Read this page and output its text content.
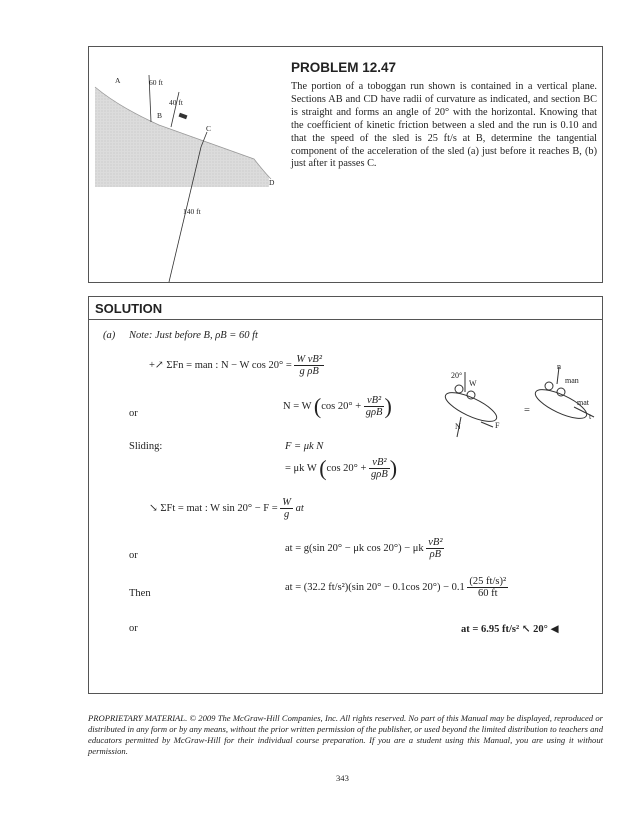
A
B
C
D
60 ft
40 ft
140 ft
PROBLEM 12.47
The portion of a toboggan run shown is contained in a vertical plane. Sections AB and CD have radii of curvature as indicated, and section BC is straight and forms an angle of 20° with the horizontal. Knowing that the coefficient of kinetic friction between a sled and the run is 0.10 and that the speed of the sled is 25 ft/s at B, determine the tangential component of the acceleration of the sled (a) just before it reaches B, (b) just after it passes C.
SOLUTION
(a) Note: Just before B, ρB = 60 ft
+↗ ΣFn = man : N − W $\cos 20^\circ = \frac{\text{W vB²}}{\text{g ρB}}$
or
N = W (cos $20^\circ + \frac{\text{vB²}}{\text{gρB}}$ )
Sliding:	F = μk N
= μk W (cos $20^\circ + \frac{\text{vB²}}{\text{gρB}}$ )
↘ ΣFt = mat : W $\sin 20^\circ - F = \frac{W}{g}$ at
or
at = g(sin 20° − μk cos 20°) − μk $\frac{\text{vB²}}{\rho B}$
Then
at = (32.2 ft/s²)(sin 20° − 0.1cos $20^\circ) - 0.1 \frac{\text{(25 ft/s)²}}{60 ft}$
or	at = 6.95 ft/s² ↖ 20° ◀
20°
W
N	F
=
n
man
mat
t
PROPRIETARY MATERIAL. © 2009 The McGraw-Hill Companies, Inc. All rights reserved. No part of this Manual may be displayed, reproduced or distributed in any form or by any means, without the prior written permission of the publisher, or used beyond the limited distribution to teachers and educators permitted by McGraw-Hill for their individual course preparation. If you are a student using this Manual, you are using it without permission.
343
